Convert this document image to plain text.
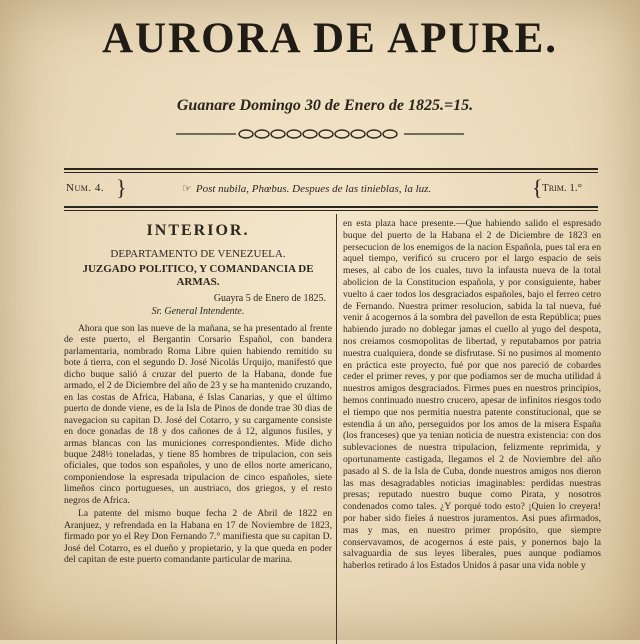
AURORA DE APURE.
Guanare Domingo 30 de Enero de 1825.=15.
Num. 4. }	☞ Post nubila, Phœbus. Despues de las tinieblas, la luz.	{ Trim. 1.°
INTERIOR.

DEPARTAMENTO DE VENEZUELA.

JUZGADO POLITICO, Y COMANDANCIA DE ARMAS.

Guayra 5 de Enero de 1825.

Sr. General Intendente.

Ahora que son las nueve de la mañana, se ha presentado al frente de este puerto, el Bergantin Corsario Español, con bandera parlamentaria, nombrado Roma Libre quien habiendo remitido su bote á tierra, con el segundo D. José Nicolás Urquijo, manifestó que dicho buque salió á cruzar del puerto de la Habana, donde fue armado, el 2 de Diciembre del año de 23 y se ha mantenido cruzando, en las costas de Africa, Habana, é Islas Canarias, y que el último puerto de donde viene, es de la Isla de Pinos de donde trae 30 dias de navegacion su capitan D. José del Cotarro, y su cargamente consiste en doce gonadas de 18 y dos cañones de á 12, algunos fusiles, y armas blancas con las municiones correspondientes. Mide dicho buque 248½ toneladas, y tiene 85 hombres de tripulacion, con seis oficiales, que todos son españoles, y uno de ellos norte americano, componiendose la espresada tripulacion de cinco españoles, siete limeños cinco portugueses, un austriaco, dos griegos, y el resto negros de Africa.

La patente del mismo buque fecha 2 de Abril de 1822 en Aranjuez, y refrendada en la Habana en 17 de Noviembre de 1823, firmado por yo el Rey Don Fernando 7.° manifiesta que su capitan D. José del Cotarro, es el dueño y propietario, y la que queda en poder del capitan de este puerto comandante particular de marina.

en esta plaza hace presente.—Que habiendo salido el espresado buque del puerto de la Habana el 2 de Diciembre de 1823 en persecucion de los enemigos de la nacion Española, pues tal era en aquel tiempo, verificó su crucero por el largo espacio de seis meses, al cabo de los cuales, tuvo la infausta nueva de la total abolicion de la Constitucion española, y por consiguiente, haber vuelto á caer todos los desgraciados españoles, bajo el ferreo cetro de Fernando. Nuestra primer resolucion, sabida la tal nueva, fué venir á acogernos á la sombra del pavellon de esta República; pues habiendo jurado no doblegar jamas el cuello al yugo del despota, nos creiamos cosmopolitas de libertad, y reputabamos por patria nuestra cualquiera, donde se disfrutase. Si no pusimos al momento en práctica este proyecto, fué por que nos pareció de cobardes ceder el primer reves, y por que podiamos ser de mucha utilidad á nuestros amigos desgraciados. Firmes pues en nuestros principios, hemos continuado nuestro crucero, apesar de infinitos riesgos todo el tiempo que nos permitia nuestra patente constitucional, que se estendia á un año, perseguidos por los amos de la misera España (los franceses) que ya tenian noticia de nuestra existencia: con dos sublevaciones de nuestra tripulacion, felizmente reprimida, y oportunamente castigada, llegamos el 2 de Noviembre del año pasado al S. de la Isla de Cuba, donde nuestros amigos nos dieron las mas desagradables noticias imaginables: perdidas nuestras presas; reputado nuestro buque como Pirata, y nosotros condenados como tales. ¿Y porqué todo esto? ¡Quien lo creyera! por haber sido fieles á nuestros juramentos. Asi pues afirmados, mas y mas, en nuestro primer propósito, que siempre conservavamos, de acogernos á este pais, y ponernos bajo la salvaguardia de sus leyes liberales, pues aunque podiamos haberlos retirado á los Estados Unidos á pasar una vida noble y
